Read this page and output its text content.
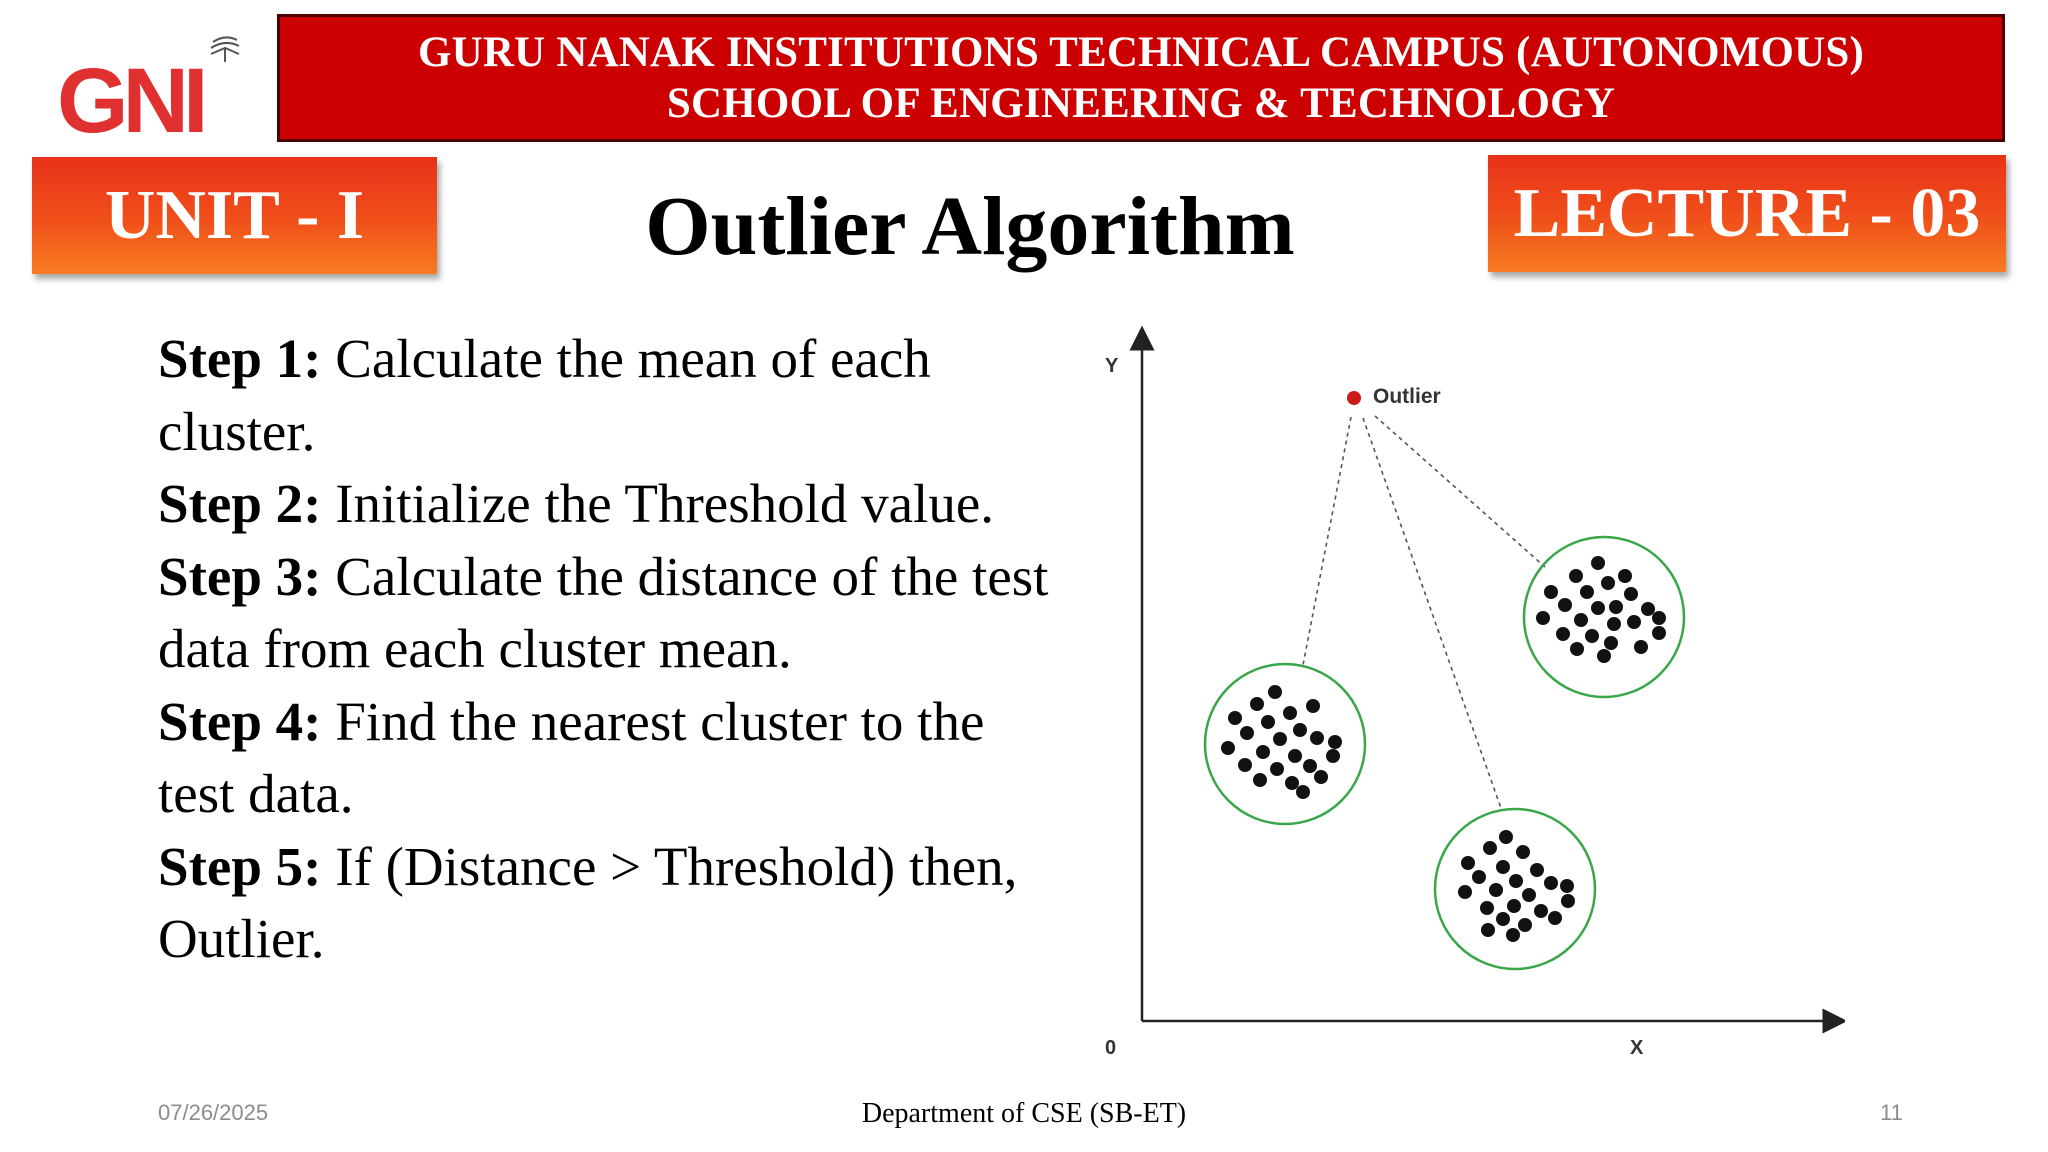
GNI	GURU NANAK INSTITUTIONS TECHNICAL CAMPUS (AUTONOMOUS)
SCHOOL OF ENGINEERING & TECHNOLOGY
UNIT - I	Outlier Algorithm	LECTURE - 03

Step 1: Calculate the mean of each cluster.

Step 2: Initialize the Threshold value.

Step 3: Calculate the distance of the test data from each cluster mean.

Step 4: Find the nearest cluster to the test data.

Step 5: If (Distance > Threshold) then, Outlier.

Y
X
0
Outlier
07/26/2025	Department of CSE (SB-ET)	11
